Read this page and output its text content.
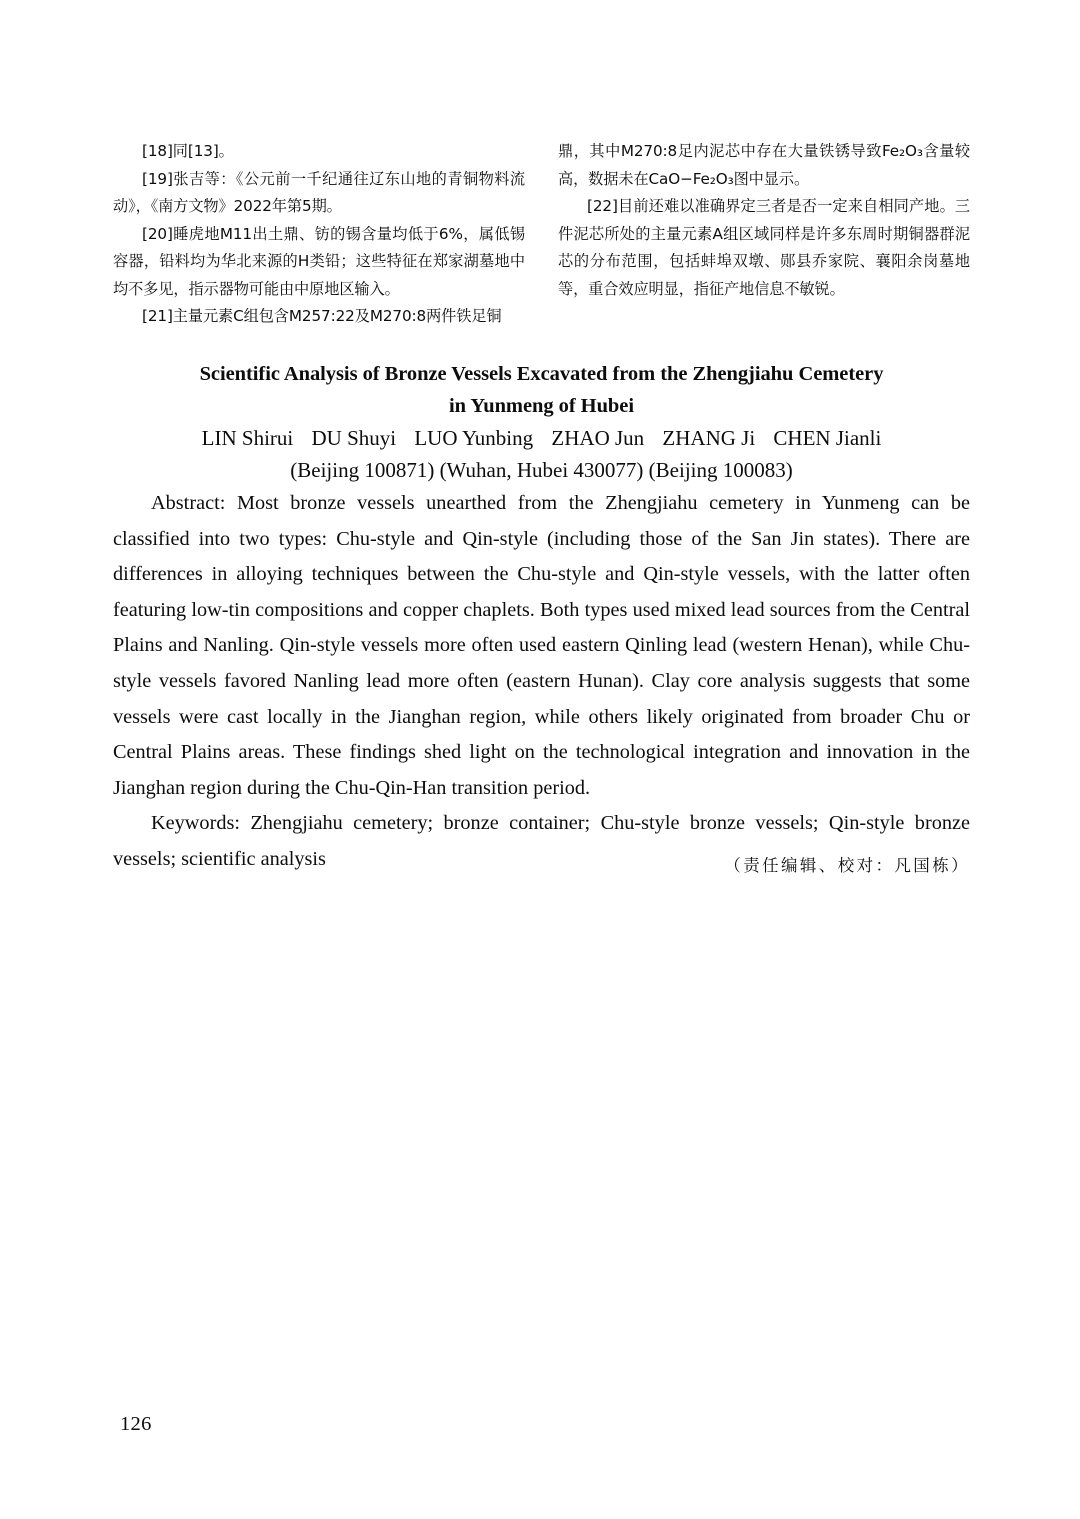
[18]同[13]。

[19]张吉等：《公元前一千纪通往辽东山地的青铜物料流动》，《南方文物》2022年第5期。

[20]睡虎地M11出土鼎、钫的锡含量均低于6%，属低锡容器，铅料均为华北来源的H类铅；这些特征在郑家湖墓地中均不多见，指示器物可能由中原地区输入。

[21]主量元素C组包含M257:22及M270:8两件铁足铜

鼎，其中M270:8足内泥芯中存在大量铁锈导致Fe₂O₃含量较高，数据未在CaO−Fe₂O₃图中显示。

[22]目前还难以准确界定三者是否一定来自相同产地。三件泥芯所处的主量元素A组区域同样是许多东周时期铜器群泥芯的分布范围，包括蚌埠双墩、郧县乔家院、襄阳余岗墓地等，重合效应明显，指征产地信息不敏锐。

Scientific Analysis of Bronze Vessels Excavated from the Zhengjiahu Cemetery
in Yunmeng of Hubei
LIN Shirui DU Shuyi LUO Yunbing ZHAO Jun ZHANG Ji CHEN Jianli
(Beijing 100871) (Wuhan, Hubei 430077) (Beijing 100083)

Abstract: Most bronze vessels unearthed from the Zhengjiahu cemetery in Yunmeng can be classified into two types: Chu-style and Qin-style (including those of the San Jin states). There are differences in alloying techniques between the Chu-style and Qin-style vessels, with the latter often featuring low-tin compositions and copper chaplets. Both types used mixed lead sources from the Central Plains and Nanling. Qin-style vessels more often used eastern Qinling lead (western Henan), while Chu-style vessels favored Nanling lead more often (eastern Hunan). Clay core analysis suggests that some vessels were cast locally in the Jianghan region, while others likely originated from broader Chu or Central Plains areas. These findings shed light on the technological integration and innovation in the Jianghan region during the Chu-Qin-Han transition period.

Keywords: Zhengjiahu cemetery; bronze container; Chu-style bronze vessels; Qin-style bronze vessels; scientific analysis	（责任编辑、校对：凡国栋）
126
